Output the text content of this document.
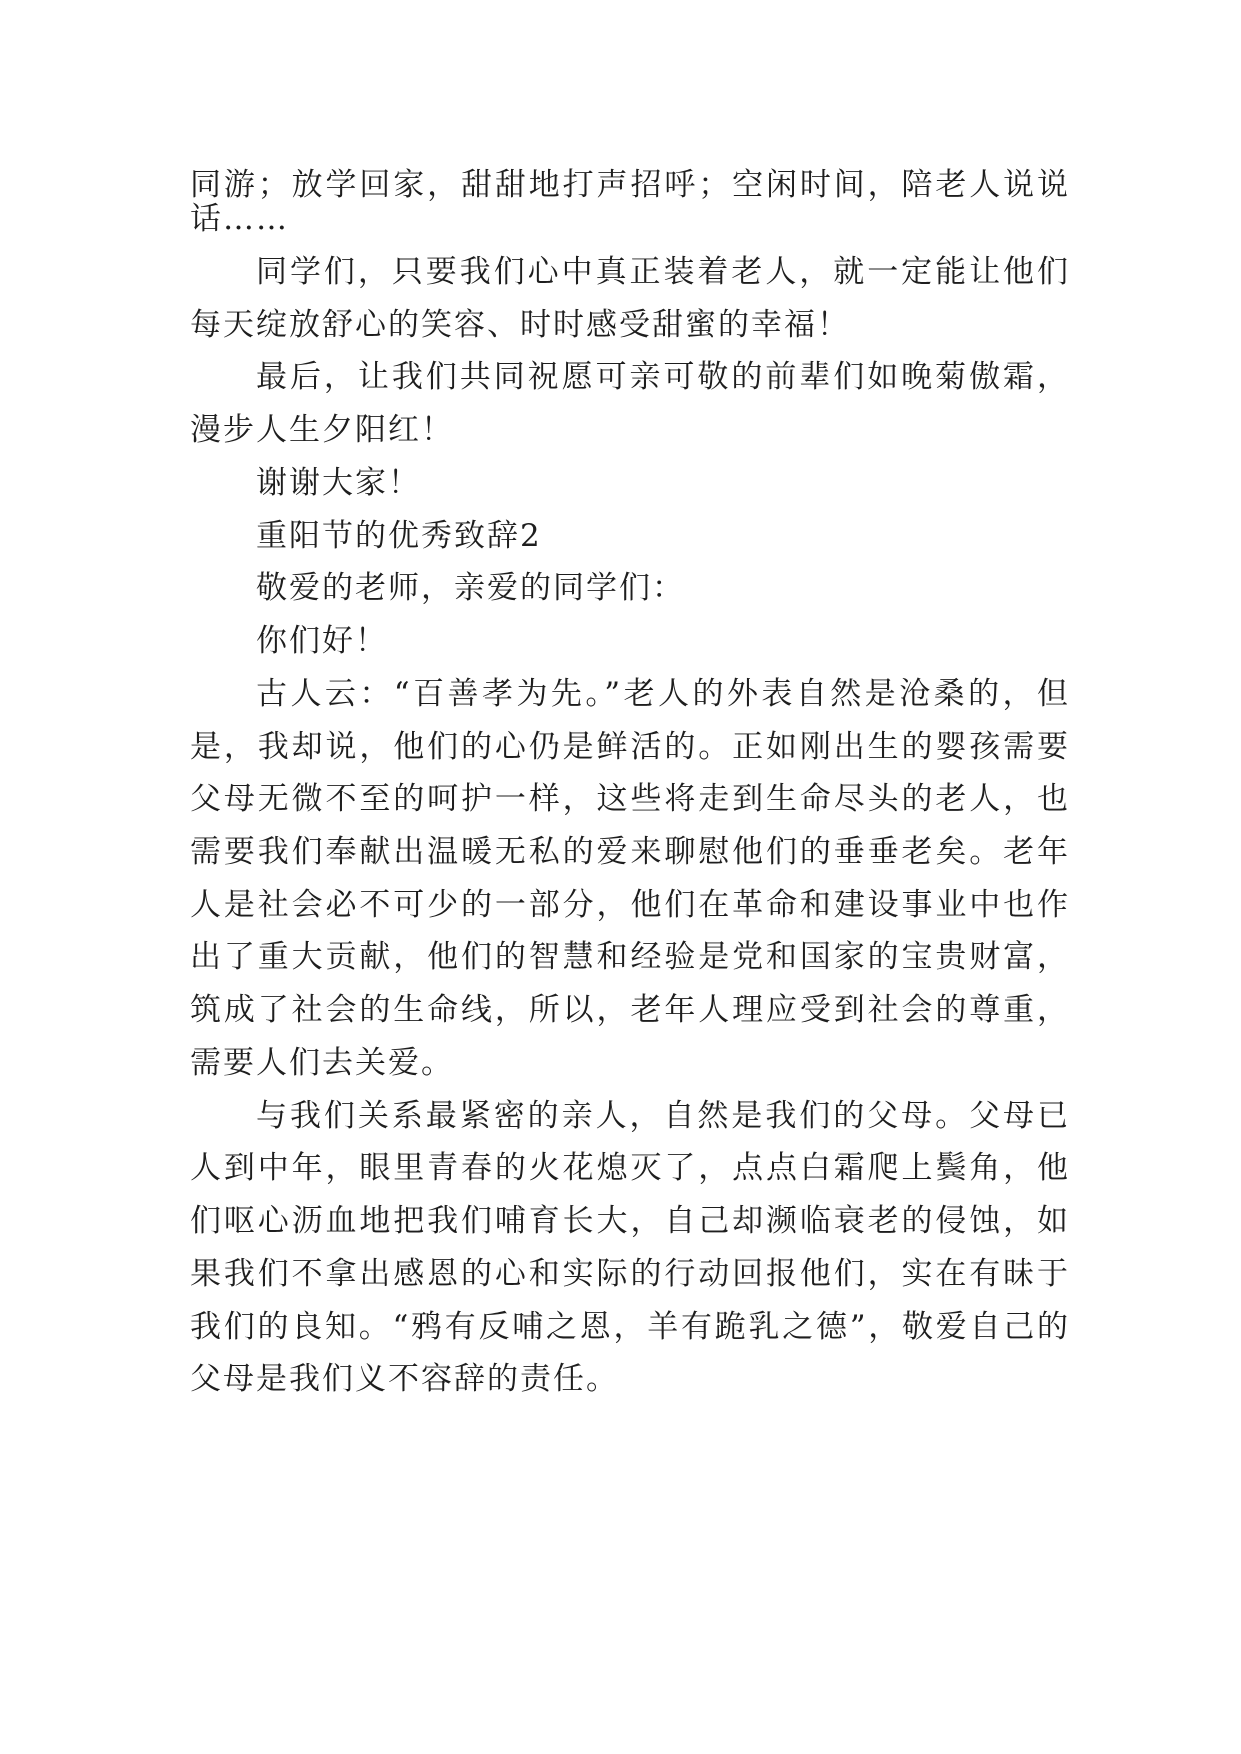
同游；放学回家，甜甜地打声招呼；空闲时间，陪老人说说
话……
同学们，只要我们心中真正装着老人，就一定能让他们
每天绽放舒心的笑容、时时感受甜蜜的幸福！
最后，让我们共同祝愿可亲可敬的前辈们如晚菊傲霜，
漫步人生夕阳红！
谢谢大家！
重阳节的优秀致辞2
敬爱的老师，亲爱的同学们：
你们好！
古人云：“百善孝为先。”老人的外表自然是沧桑的，但
是，我却说，他们的心仍是鲜活的。正如刚出生的婴孩需要
父母无微不至的呵护一样，这些将走到生命尽头的老人，也
需要我们奉献出温暖无私的爱来聊慰他们的垂垂老矣。老年
人是社会必不可少的一部分，他们在革命和建设事业中也作
出了重大贡献，他们的智慧和经验是党和国家的宝贵财富，
筑成了社会的生命线，所以，老年人理应受到社会的尊重，
需要人们去关爱。
与我们关系最紧密的亲人，自然是我们的父母。父母已
人到中年，眼里青春的火花熄灭了，点点白霜爬上鬓角，他
们呕心沥血地把我们哺育长大，自己却濒临衰老的侵蚀，如
果我们不拿出感恩的心和实际的行动回报他们，实在有昧于
我们的良知。“鸦有反哺之恩，羊有跪乳之德”，敬爱自己的
父母是我们义不容辞的责任。
